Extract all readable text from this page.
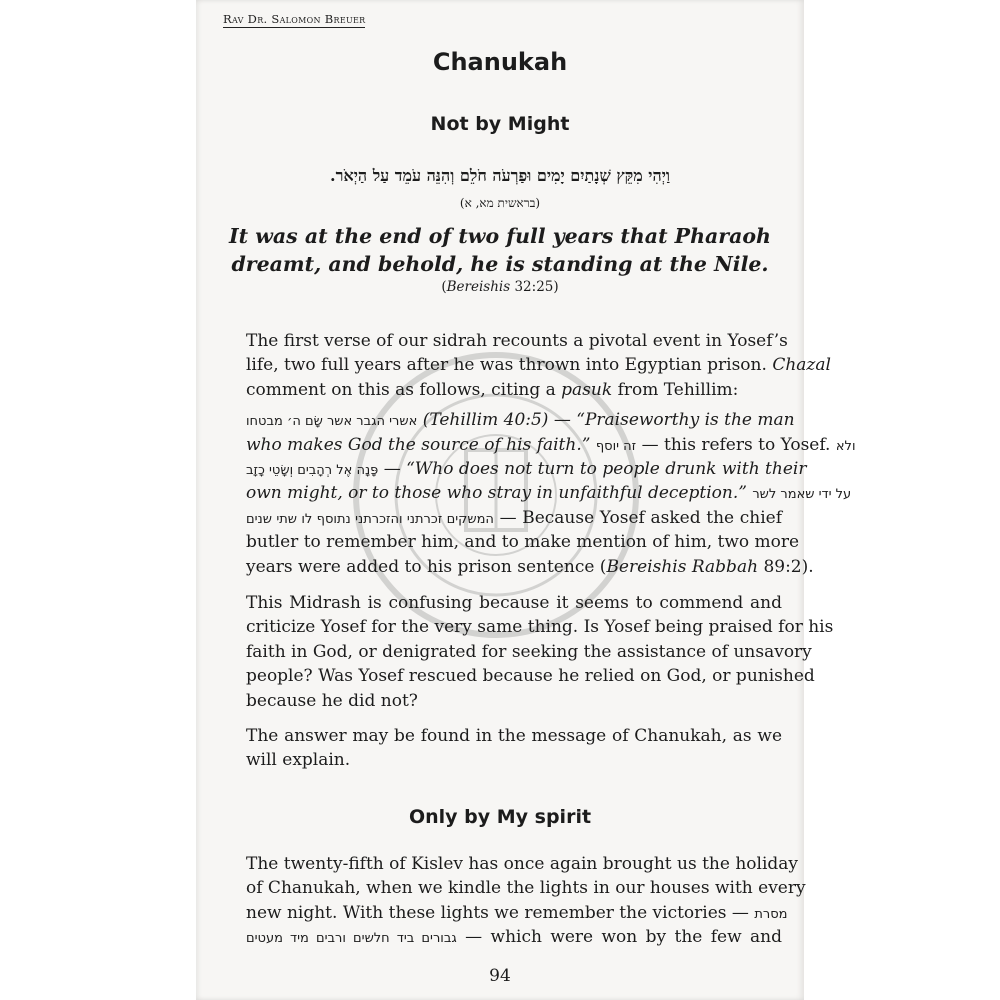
Rav Dr. Salomon Breuer
Chanukah
Not by Might
וַיְהִי מִקֵּץ שְׁנָתַיִם יָמִים וּפַרְעֹה חֹלֵם וְהִנֵּה עֹמֵד עַל הַיְאֹר.
(בראשית מא, א)
It was at the end of two full years that Pharaoh
dreamt, and behold, he is standing at the Nile.
(Bereishis 32:25)
The first verse of our sidrah recounts a pivotal event in Yosef’s
life, two full years after he was thrown into Egyptian prison. Chazal
comment on this as follows, citing a pasuk from Tehillim:
אשרי הגבר אשר שָׂם ה׳ מבטחו (Tehillim 40:5) — “Praiseworthy is the man
who makes God the source of his faith.” זה יוסף — this refers to Yosef. ולא
פָּנָה אֶל רְהָבִים וְשָׂטֵי כָזָב — “Who does not turn to people drunk with their
own might, or to those who stray in unfaithful deception.” על ידי שאמר לשר
המשקים זכרתני והזכרתני נתוסף לו שתי שנים — Because Yosef asked the chief
butler to remember him, and to make mention of him, two more
years were added to his prison sentence (Bereishis Rabbah 89:2).
This Midrash is confusing because it seems to commend and
criticize Yosef for the very same thing. Is Yosef being praised for his
faith in God, or denigrated for seeking the assistance of unsavory
people? Was Yosef rescued because he relied on God, or punished
because he did not?
The answer may be found in the message of Chanukah, as we
will explain.
Only by My spirit
The twenty-fifth of Kislev has once again brought us the holiday
of Chanukah, when we kindle the lights in our houses with every
new night. With these lights we remember the victories — מסרת
גבורים ביד חלשים ורבים מיד מעטים — which were won by the few and
94
